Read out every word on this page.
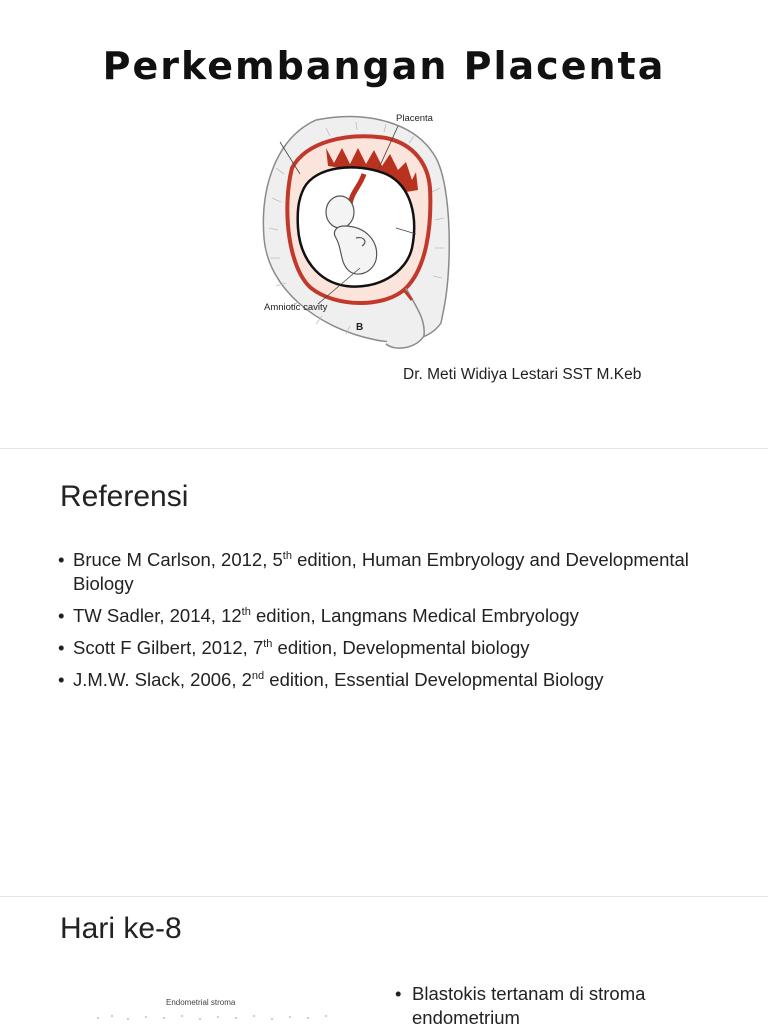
Perkembangan Placenta
Placenta
Amniotic cavity
B
Dr. Meti Widiya Lestari SST M.Keb
Referensi
• Bruce M Carlson, 2012, 5th edition, Human Embryology and Developmental Biology
• TW Sadler, 2014, 12th edition, Langmans Medical Embryology
• Scott F Gilbert, 2012, 7th edition, Developmental biology
• J.M.W. Slack, 2006, 2nd edition, Essential Developmental Biology
Hari ke-8
Endometrial stroma	• Blastokis tertanam di stroma endometrium
